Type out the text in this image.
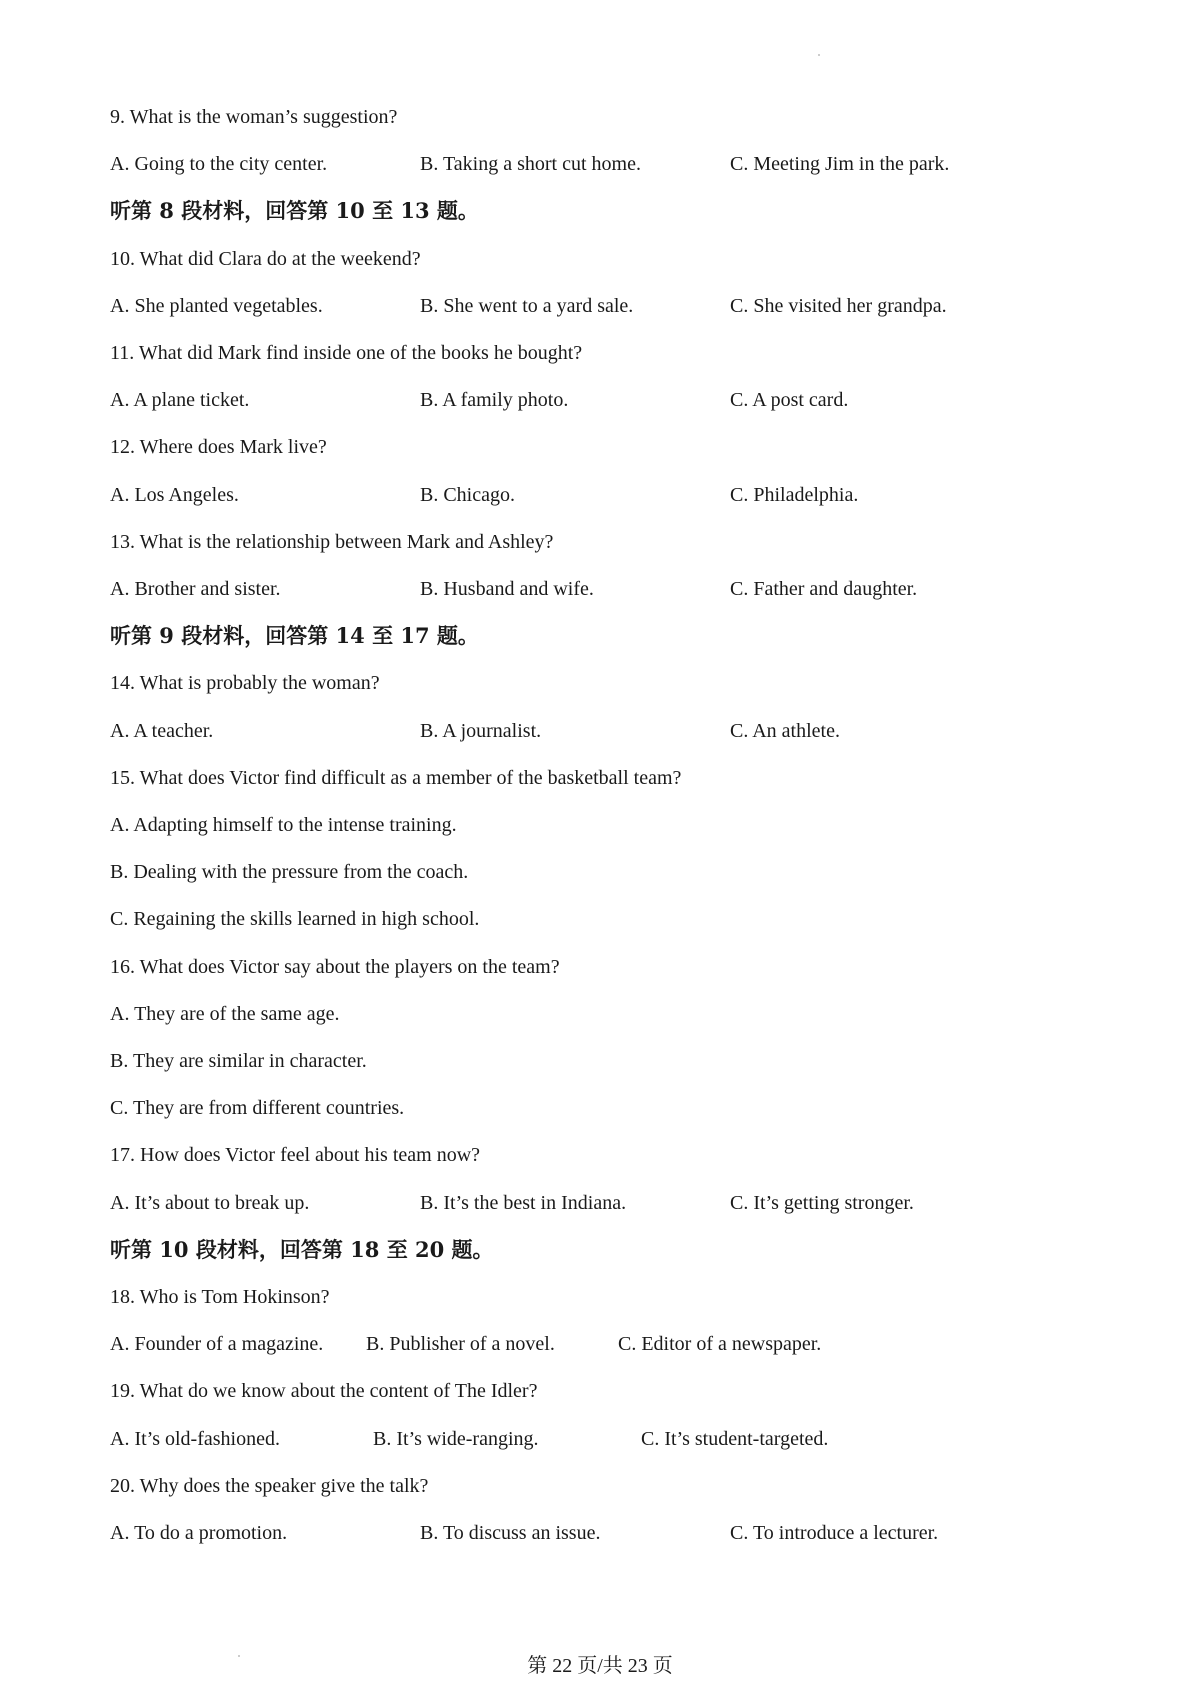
9. What is the woman’s suggestion?
A. Going to the city center.	B. Taking a short cut home.	C. Meeting Jim in the park.
听第 8 段材料，回答第 10 至 13 题。
10. What did Clara do at the weekend?
A. She planted vegetables.	B. She went to a yard sale.	C. She visited her grandpa.
11. What did Mark find inside one of the books he bought?
A. A plane ticket.	B. A family photo.	C. A post card.
12. Where does Mark live?
A. Los Angeles.	B. Chicago.	C. Philadelphia.
13. What is the relationship between Mark and Ashley?
A. Brother and sister.	B. Husband and wife.	C. Father and daughter.
听第 9 段材料，回答第 14 至 17 题。
14. What is probably the woman?
A. A teacher.	B. A journalist.	C. An athlete.
15. What does Victor find difficult as a member of the basketball team?
A. Adapting himself to the intense training.
B. Dealing with the pressure from the coach.
C. Regaining the skills learned in high school.
16. What does Victor say about the players on the team?
A. They are of the same age.
B. They are similar in character.
C. They are from different countries.
17. How does Victor feel about his team now?
A. It’s about to break up.	B. It’s the best in Indiana.	C. It’s getting stronger.
听第 10 段材料，回答第 18 至 20 题。
18. Who is Tom Hokinson?
A. Founder of a magazine. B. Publisher of a novel.	C. Editor of a newspaper.
19. What do we know about the content of The Idler?
A. It’s old-fashioned.	B. It’s wide-ranging.	C. It’s student-targeted.
20. Why does the speaker give the talk?
A. To do a promotion.	B. To discuss an issue.	C. To introduce a lecturer.
第 22 页/共 23 页
